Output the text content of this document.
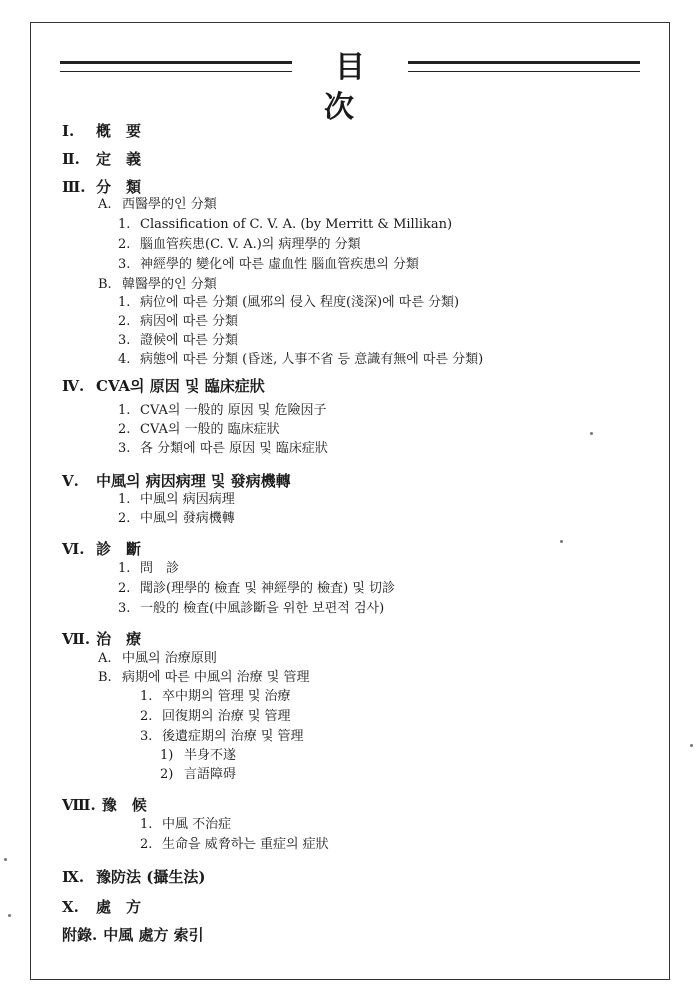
目 次
Ⅰ. 槪　要
Ⅱ. 定　義
Ⅲ. 分　類
A. 西醫學的인 分類
1. Classification of C. V. A. (by Merritt & Millikan)
2. 腦血管疾患(C. V. A.)의 病理學的 分類
3. 神經學的 變化에 따른 虛血性 腦血管疾患의 分類
B. 韓醫學的인 分類
1. 病位에 따른 分類 (風邪의 侵入 程度(淺深)에 따른 分類)
2. 病因에 따른 分類
3. 證候에 따른 分類
4. 病態에 따른 分類 (昏迷, 人事不省 등 意識有無에 따른 分類)
Ⅳ. CVA의 原因 및 臨床症狀
1. CVA의 一般的 原因 및 危險因子
2. CVA의 一般的 臨床症狀
3. 各 分類에 따른 原因 및 臨床症狀
Ⅴ. 中風의 病因病理 및 發病機轉
1. 中風의 病因病理
2. 中風의 發病機轉
Ⅵ. 診　斷
1. 問　診
2. 聞診(理學的 檢査 및 神經學的 檢査) 및 切診
3. 一般的 檢査(中風診斷을 위한 보편적 검사)
Ⅶ. 治　療
A. 中風의 治療原則
B. 病期에 따른 中風의 治療 및 管理
1. 卒中期의 管理 및 治療
2. 回復期의 治療 및 管理
3. 後遺症期의 治療 및 管理
1) 半身不遂
2) 言語障碍
Ⅷ. 豫　候
1. 中風 不治症
2. 生命을 威脅하는 重症의 症狀
Ⅸ. 豫防法 (攝生法)
Ⅹ. 處　方
附錄. 中風 處方 索引
